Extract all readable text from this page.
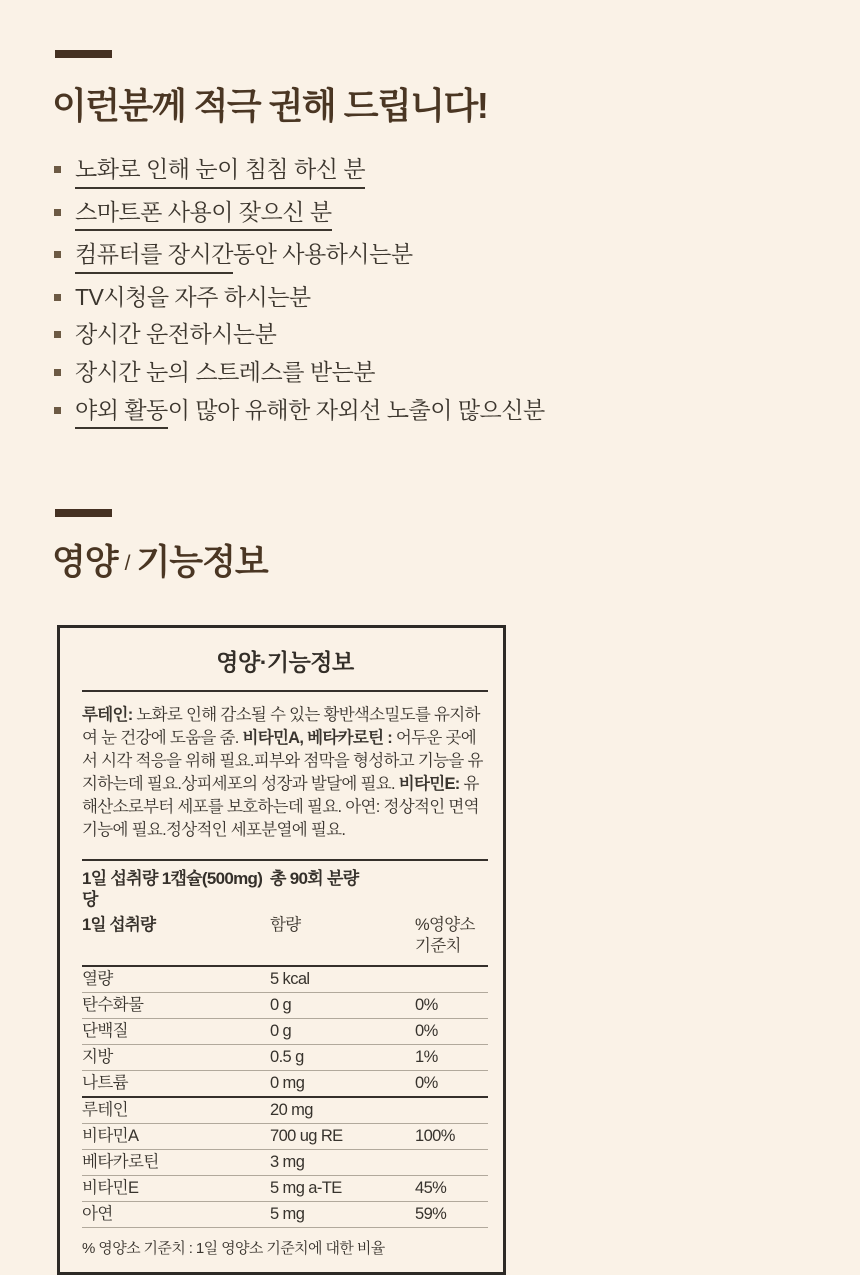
이런분께 적극 권해 드립니다!
노화로 인해 눈이 침침 하신 분
스마트폰 사용이 잦으신 분
컴퓨터를 장시간동안 사용하시는분
TV시청을 자주 하시는분
장시간 운전하시는분
장시간 눈의 스트레스를 받는분
야외 활동이 많아 유해한 자외선 노출이 많으신분
영양 / 기능정보
영양·기능정보

루테인: 노화로 인해 감소될 수 있는 황반색소밀도를 유지하여 눈 건강에 도움을 줌. 비타민A, 베타카로틴 : 어두운 곳에서 시각 적응을 위해 필요.피부와 점막을 형성하고 기능을 유지하는데 필요.상피세포의 성장과 발달에 필요. 비타민E: 유해산소로부터 세포를 보호하는데 필요. 아연: 정상적인 면역기능에 필요.정상적인 세포분열에 필요.

1일 섭취량 1캡슐(500mg)당
총 90회 분량
1일 섭취량	함량	%영양소기준치
열량	5 kcal
탄수화물	0 g	0%
단백질	0 g	0%
지방	0.5 g	1%
나트륨	0 mg	0%
루테인	20 mg
비타민A	700 ug RE	100%
베타카로틴	3 mg
비타민E	5 mg a-TE	45%
아연	5 mg	59%
% 영양소 기준치 : 1일 영양소 기준치에 대한 비율
